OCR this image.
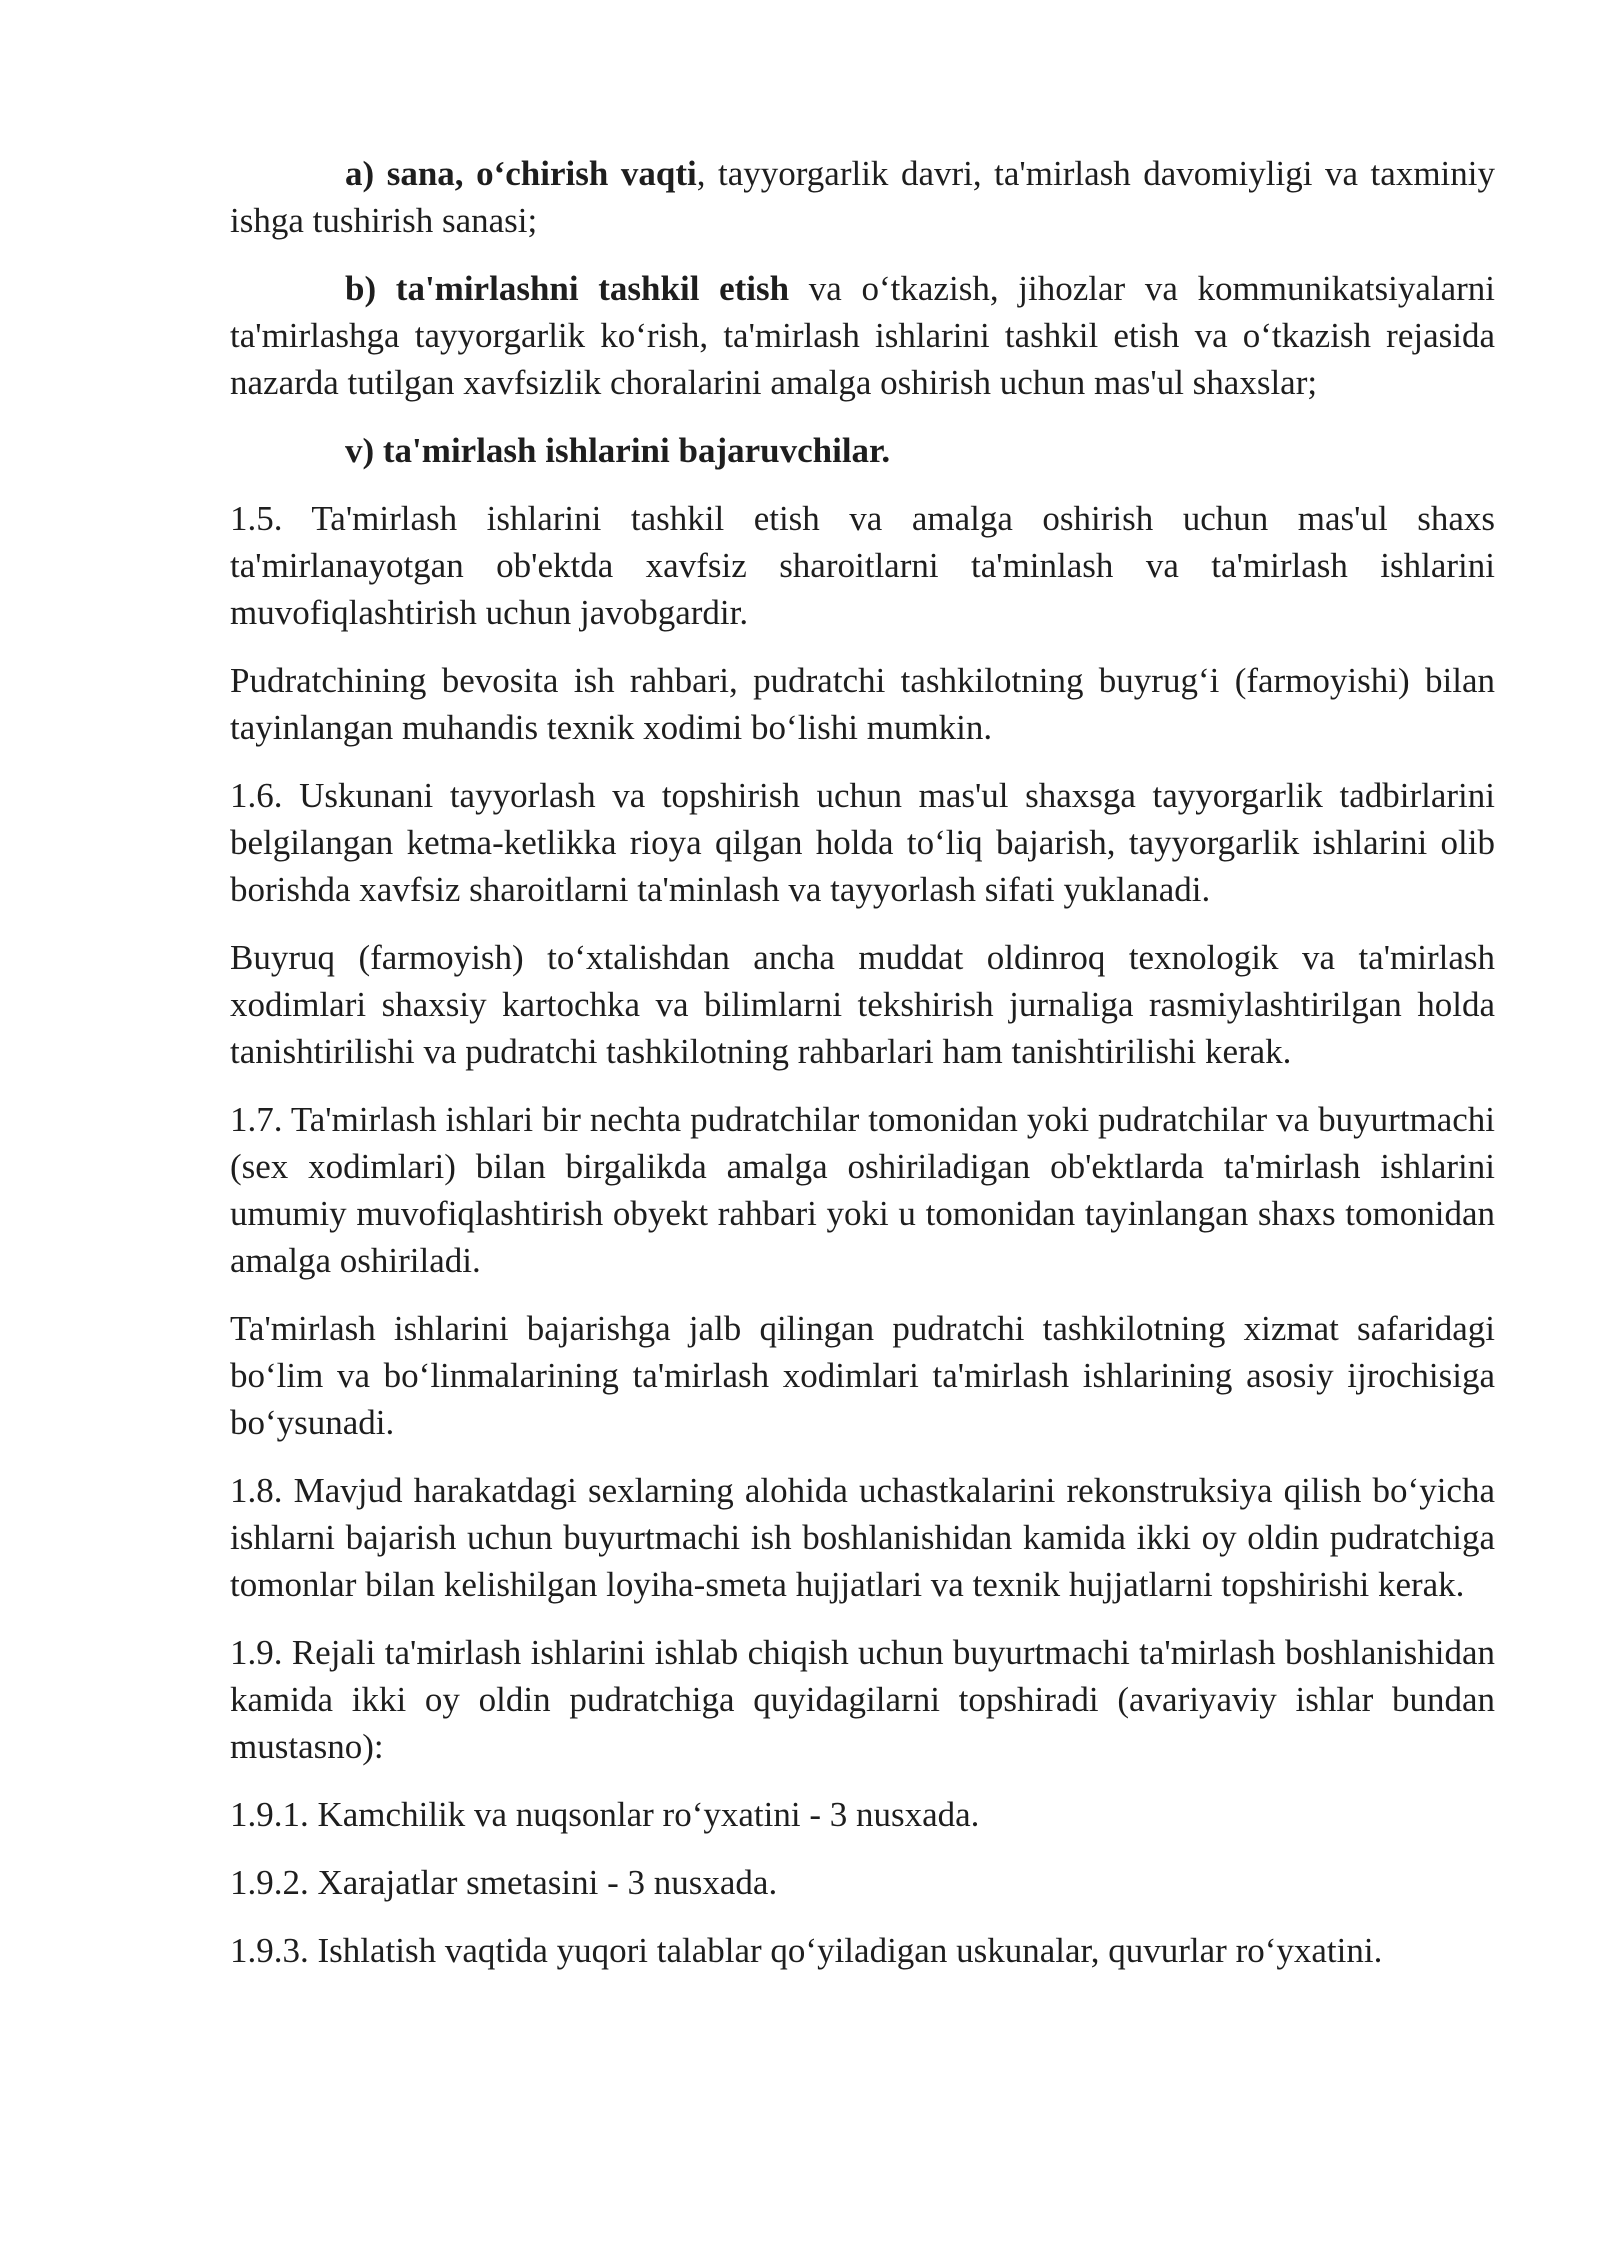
a) sana, o‘chirish vaqti, tayyorgarlik davri, ta'mirlash davomiyligi va taxminiy ishga tushirish sanasi;

b) ta'mirlashni tashkil etish va o‘tkazish, jihozlar va kommunikatsiyalarni ta'mirlashga tayyorgarlik ko‘rish, ta'mirlash ishlarini tashkil etish va o‘tkazish rejasida nazarda tutilgan xavfsizlik choralarini amalga oshirish uchun mas'ul shaxslar;

v) ta'mirlash ishlarini bajaruvchilar.

1.5. Ta'mirlash ishlarini tashkil etish va amalga oshirish uchun mas'ul shaxs ta'mirlanayotgan ob'ektda xavfsiz sharoitlarni ta'minlash va ta'mirlash ishlarini muvofiqlashtirish uchun javobgardir.

Pudratchining bevosita ish rahbari, pudratchi tashkilotning buyrug‘i (farmoyishi) bilan tayinlangan muhandis texnik xodimi bo‘lishi mumkin.

1.6. Uskunani tayyorlash va topshirish uchun mas'ul shaxsga tayyorgarlik tadbirlarini belgilangan ketma-ketlikka rioya qilgan holda to‘liq bajarish, tayyorgarlik ishlarini olib borishda xavfsiz sharoitlarni ta'minlash va tayyorlash sifati yuklanadi.

Buyruq (farmoyish) to‘xtalishdan ancha muddat oldinroq texnologik va ta'mirlash xodimlari shaxsiy kartochka va bilimlarni tekshirish jurnaliga rasmiylashtirilgan holda tanishtirilishi va pudratchi tashkilotning rahbarlari ham tanishtirilishi kerak.

1.7. Ta'mirlash ishlari bir nechta pudratchilar tomonidan yoki pudratchilar va buyurtmachi (sex xodimlari) bilan birgalikda amalga oshiriladigan ob'ektlarda ta'mirlash ishlarini umumiy muvofiqlashtirish obyekt rahbari yoki u tomonidan tayinlangan shaxs tomonidan amalga oshiriladi.

Ta'mirlash ishlarini bajarishga jalb qilingan pudratchi tashkilotning xizmat safaridagi bo‘lim va bo‘linmalarining ta'mirlash xodimlari ta'mirlash ishlarining asosiy ijrochisiga bo‘ysunadi.

1.8. Mavjud harakatdagi sexlarning alohida uchastkalarini rekonstruksiya qilish bo‘yicha ishlarni bajarish uchun buyurtmachi ish boshlanishidan kamida ikki oy oldin pudratchiga tomonlar bilan kelishilgan loyiha-smeta hujjatlari va texnik hujjatlarni topshirishi kerak.

1.9. Rejali ta'mirlash ishlarini ishlab chiqish uchun buyurtmachi ta'mirlash boshlanishidan kamida ikki oy oldin pudratchiga quyidagilarni topshiradi (avariyaviy ishlar bundan mustasno):

1.9.1. Kamchilik va nuqsonlar ro‘yxatini - 3 nusxada.

1.9.2. Xarajatlar smetasini - 3 nusxada.

1.9.3. Ishlatish vaqtida yuqori talablar qo‘yiladigan uskunalar, quvurlar ro‘yxatini.
